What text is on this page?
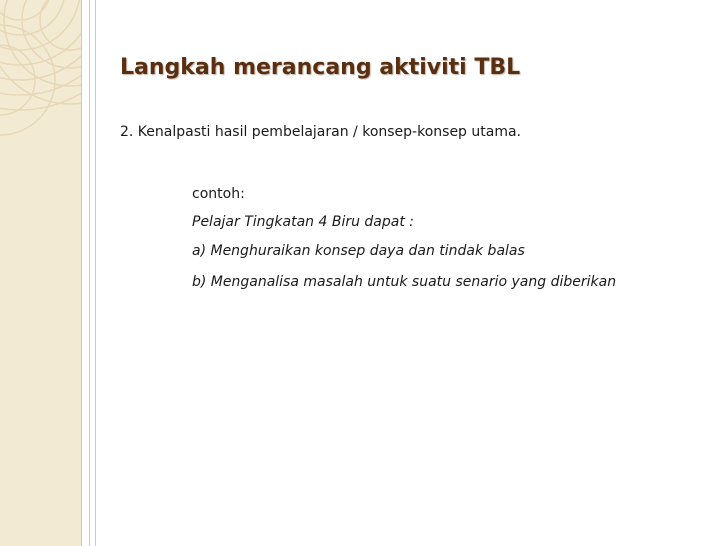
Langkah merancang aktiviti TBL

2. Kenalpasti hasil pembelajaran / konsep-konsep utama.

contoh:

Pelajar Tingkatan 4 Biru dapat :

a) Menghuraikan konsep daya dan tindak balas

b) Menganalisa masalah untuk suatu senario yang diberikan
